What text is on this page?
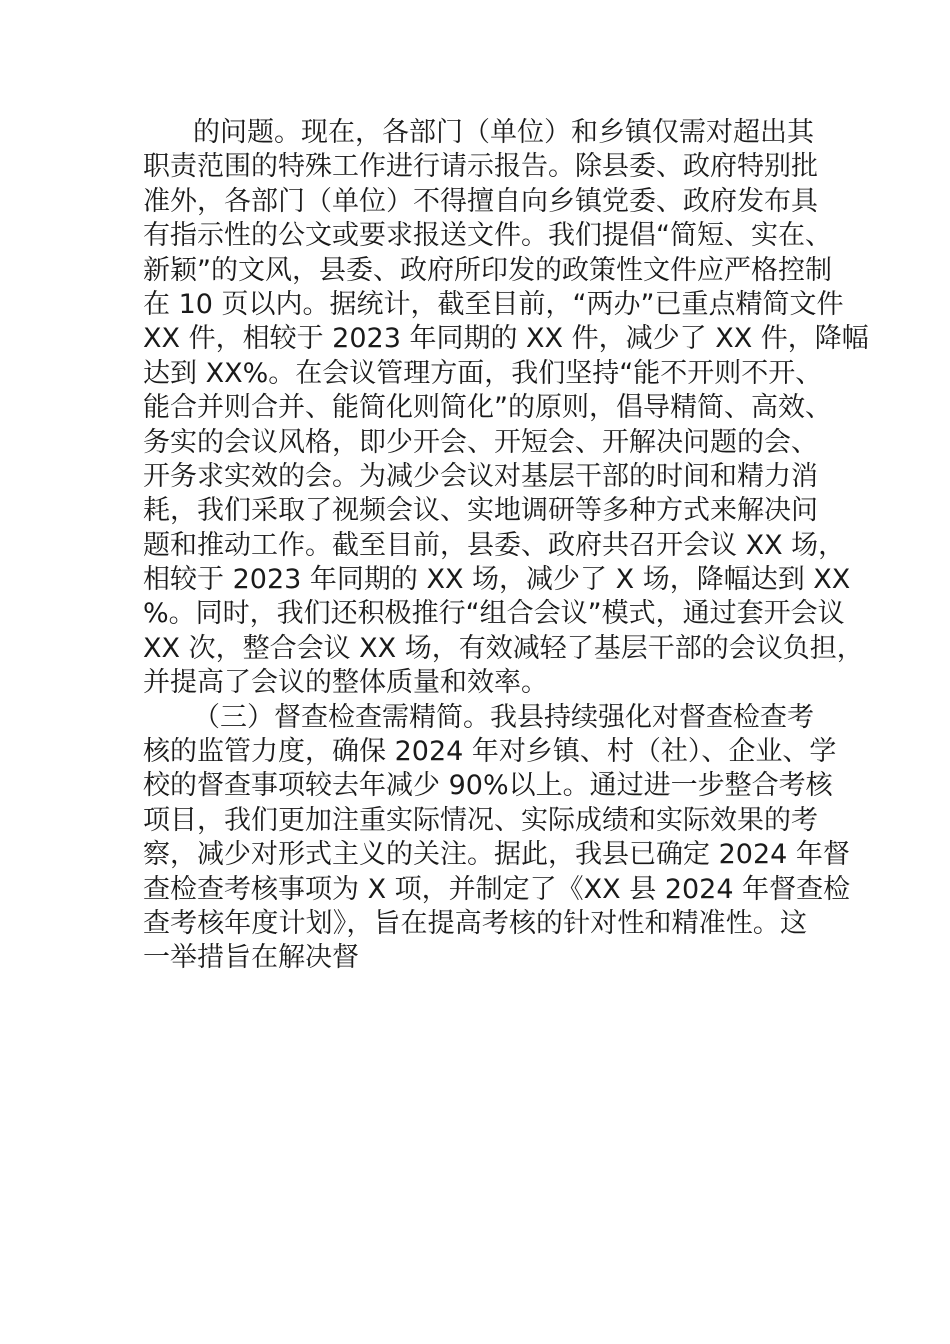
的问题。现在，各部门（单位）和乡镇仅需对超出其
职责范围的特殊工作进行请示报告。除县委、政府特别批
准外，各部门（单位）不得擅自向乡镇党委、政府发布具
有指示性的公文或要求报送文件。我们提倡“简短、实在、
新颖”的文风，县委、政府所印发的政策性文件应严格控制
在 10 页以内。据统计，截至目前，“两办”已重点精简文件
XX 件，相较于 2023 年同期的 XX 件，减少了 XX 件，降幅
达到 XX%。在会议管理方面，我们坚持“能不开则不开、
能合并则合并、能简化则简化”的原则，倡导精简、高效、
务实的会议风格，即少开会、开短会、开解决问题的会、
开务求实效的会。为减少会议对基层干部的时间和精力消
耗，我们采取了视频会议、实地调研等多种方式来解决问
题和推动工作。截至目前，县委、政府共召开会议 XX 场，
相较于 2023 年同期的 XX 场，减少了 X 场，降幅达到 XX
%。同时，我们还积极推行“组合会议”模式，通过套开会议
XX 次，整合会议 XX 场，有效减轻了基层干部的会议负担，
并提高了会议的整体质量和效率。
（三）督查检查需精简。我县持续强化对督查检查考
核的监管力度，确保 2024 年对乡镇、村（社）、企业、学
校的督查事项较去年减少 90%以上。通过进一步整合考核
项目，我们更加注重实际情况、实际成绩和实际效果的考
察，减少对形式主义的关注。据此，我县已确定 2024 年督
查检查考核事项为 X 项，并制定了《XX 县 2024 年督查检
查考核年度计划》，旨在提高考核的针对性和精准性。这
一举措旨在解决督
